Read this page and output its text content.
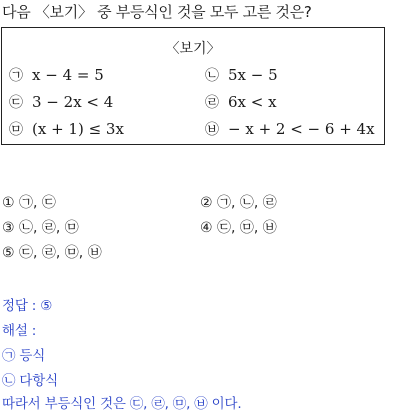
다음 〈보기〉 중 부등식인 것을 모두 고른 것은?
〈보기〉
㉠ x − 4 = 5	㉡ 5x − 5
㉢ 3 − 2x < 4	㉣ 6x < x
㉤ (x + 1) ≤ 3x	㉥ − x + 2 < − 6 + 4x
① ㉠, ㉢	② ㉠, ㉡, ㉣
③ ㉡, ㉣, ㉤	④ ㉢, ㉤, ㉥
⑤ ㉢, ㉣, ㉤, ㉥
정답 : ⑤
해설 :
㉠ 등식
㉡ 다항식
따라서 부등식인 것은 ㉢, ㉣, ㉤, ㉥ 이다.
